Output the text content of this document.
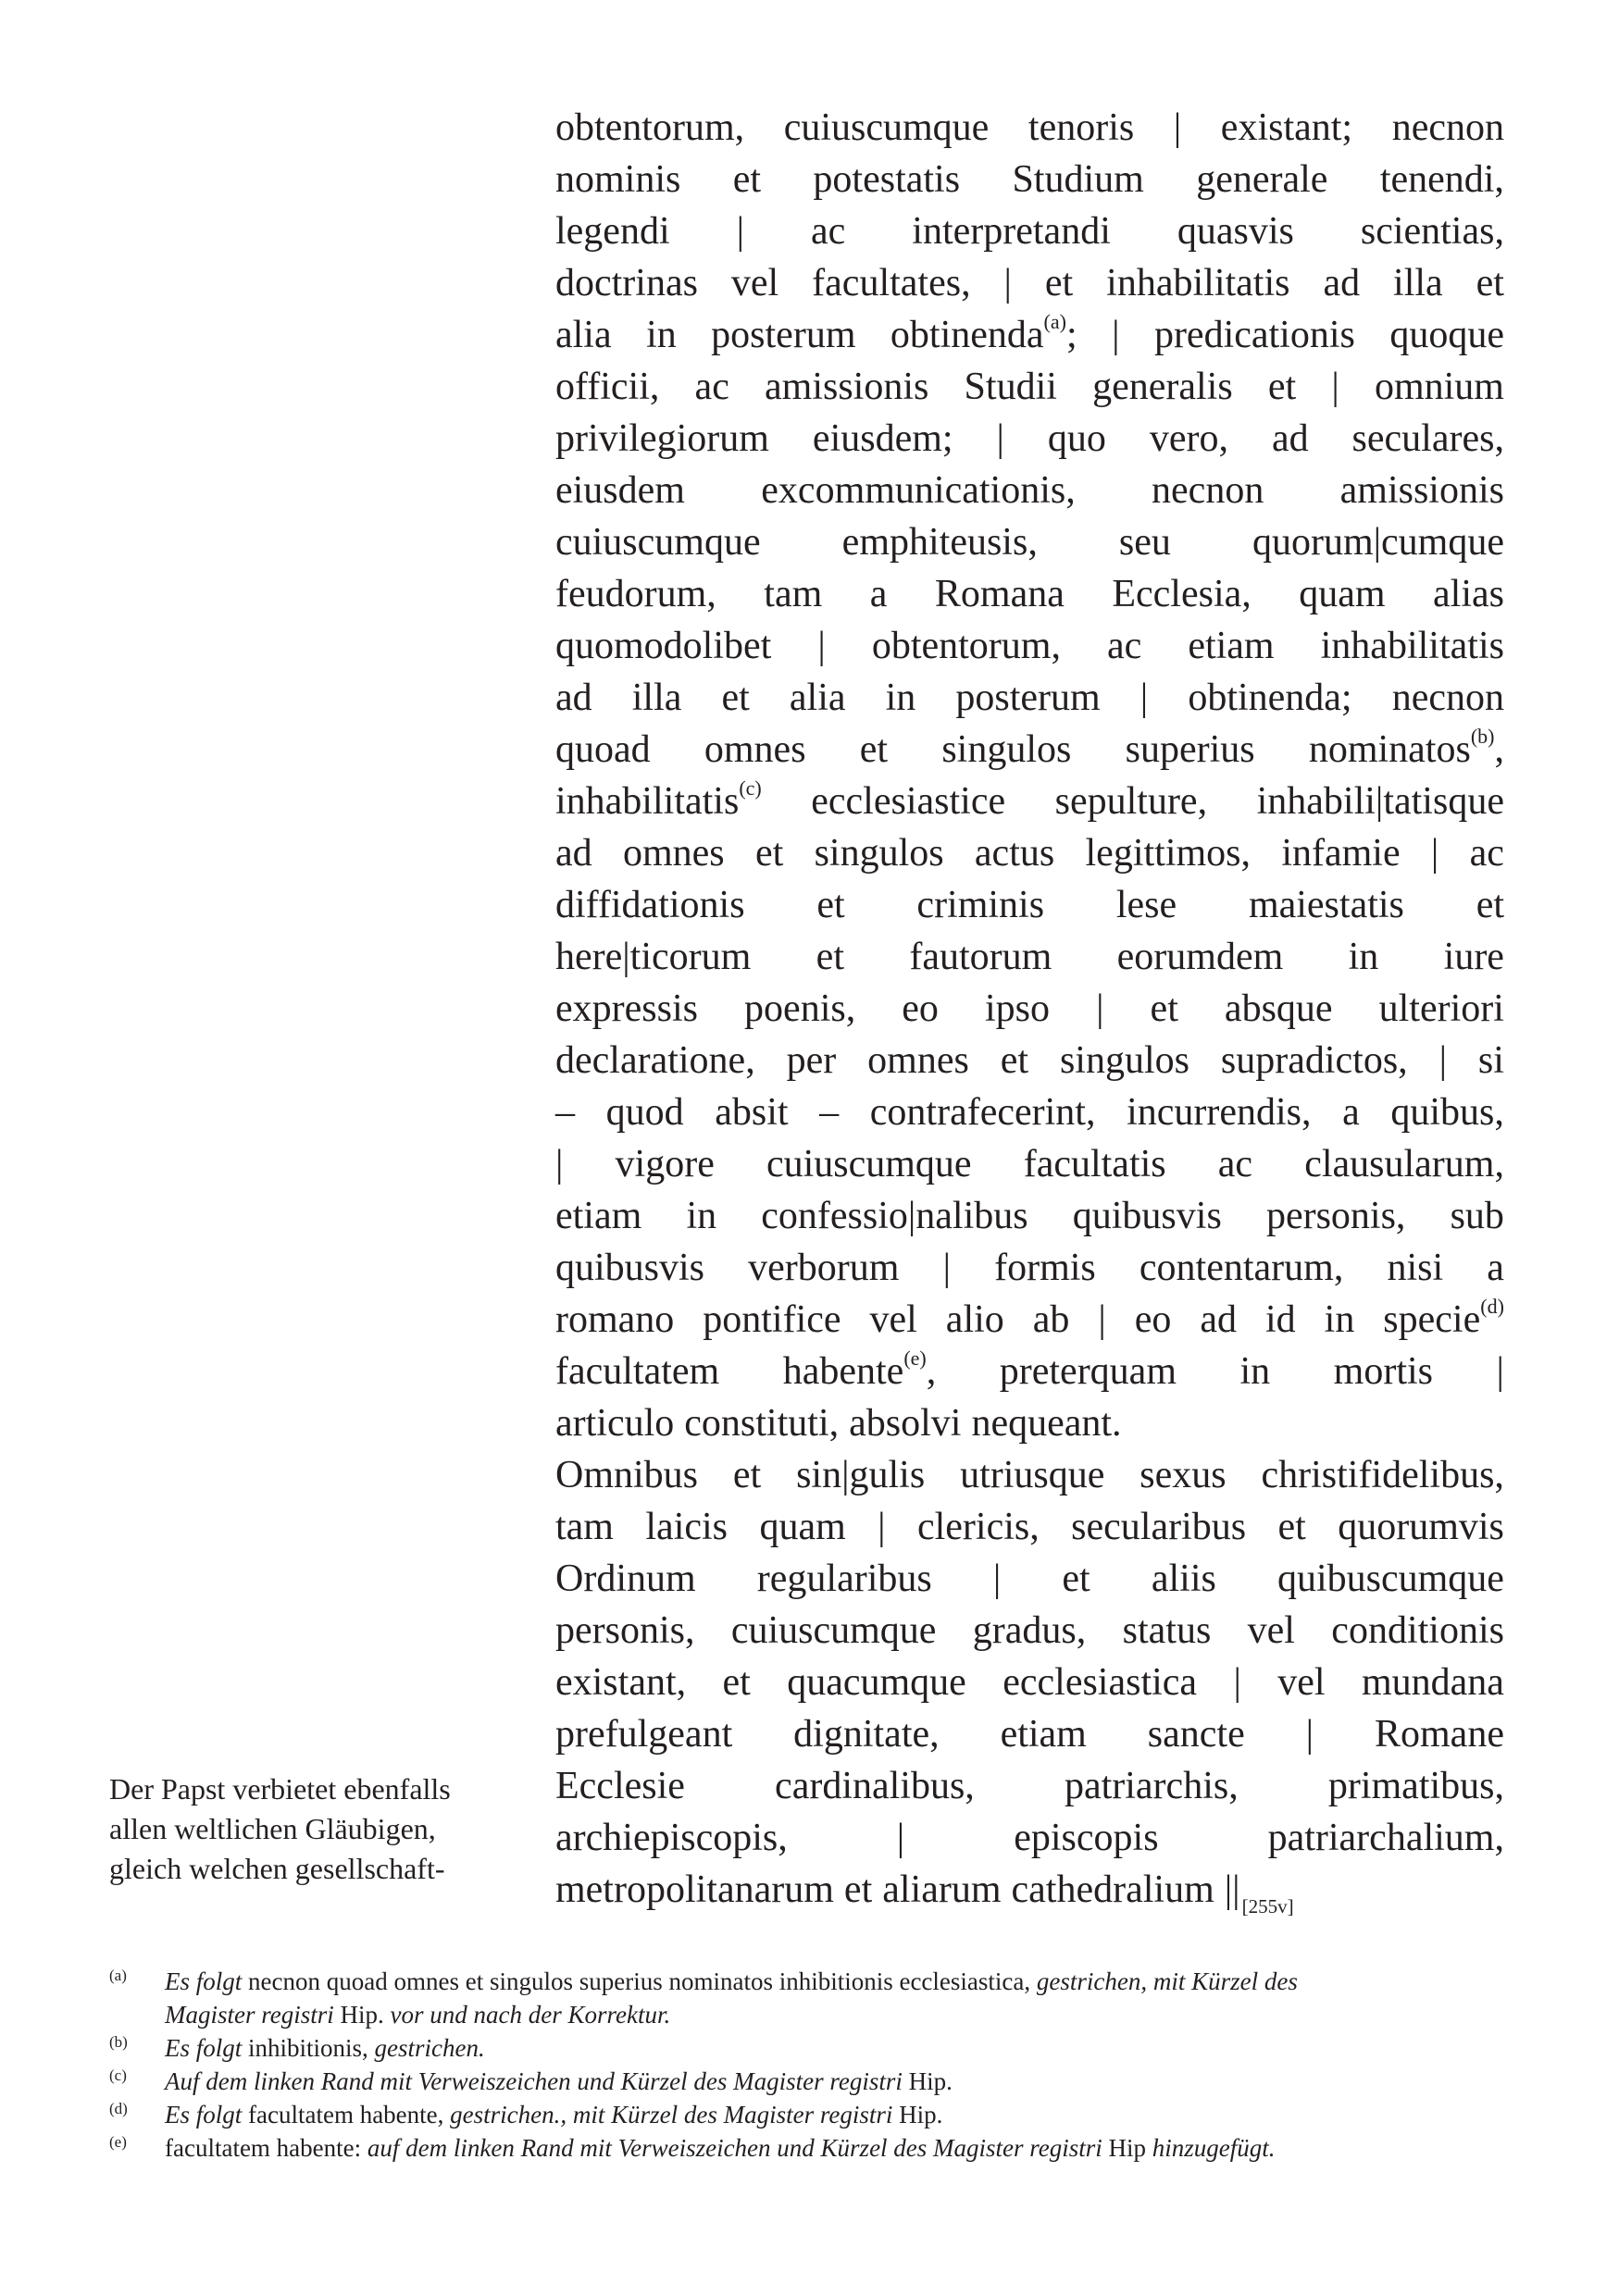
obtentorum, cuiuscumque tenoris | existant; necnon
nominis et potestatis Studium generale tenendi,
legendi | ac interpretandi quasvis scientias,
doctrinas vel facultates, | et inhabilitatis ad illa et
alia in posterum obtinenda$^{(a)}$; | predicationis quoque
officii, ac amissionis Studii generalis et | omnium
privilegiorum eiusdem; | quo vero, ad seculares,
eiusdem excommunicationis, necnon amissionis
cuiuscumque emphiteusis, seu quorum|cumque
feudorum, tam a Romana Ecclesia, quam alias
quomodolibet | obtentorum, ac etiam inhabilitatis
ad illa et alia in posterum | obtinenda; necnon
quoad omnes et singulos superius nominatos$^{(b)}$,
inhabilitatis$^{(c)}$ ecclesiastice sepulture, inhabili|tatisque
ad omnes et singulos actus legittimos, infamie | ac
diffidationis et criminis lese maiestatis et
here|ticorum et fautorum eorumdem in iure
expressis poenis, eo ipso | et absque ulteriori
declaratione, per omnes et singulos supradictos, | si
– quod absit – contrafecerint, incurrendis, a quibus,
| vigore cuiuscumque facultatis ac clausularum,
etiam in confessio|nalibus quibusvis personis, sub
quibusvis verborum | formis contentarum, nisi a
romano pontifice vel alio ab | eo ad id in specie$^{(d)}$
facultatem habente$^{(e)}$, preterquam in mortis |
articulo constituti, absolvi nequeant.
Omnibus et sin|gulis utriusque sexus christifidelibus,
tam laicis quam | clericis, secularibus et quorumvis
Ordinum regularibus | et aliis quibuscumque
personis, cuiuscumque gradus, status vel conditionis
existant, et quacumque ecclesiastica | vel mundana
prefulgeant dignitate, etiam sancte | Romane
Ecclesie cardinalibus, patriarchis, primatibus,
archiepiscopis,	|	episcopis	patriarchalium,
metropolitanarum et aliarum cathedralium $||_{[255v]}$
Der Papst verbietet ebenfalls
allen weltlichen Gläubigen,
gleich welchen gesellschaft-
(a) Es folgt necnon quoad omnes et singulos superius nominatos inhibitionis ecclesiastica, gestrichen, mit Kürzel des
Magister registri Hip. vor und nach der Korrektur.
(b) Es folgt inhibitionis, gestrichen.
(c) Auf dem linken Rand mit Verweiszeichen und Kürzel des Magister registri Hip.
(d) Es folgt facultatem habente, gestrichen., mit Kürzel des Magister registri Hip.
(e) facultatem habente: auf dem linken Rand mit Verweiszeichen und Kürzel des Magister registri Hip hinzugefügt.
